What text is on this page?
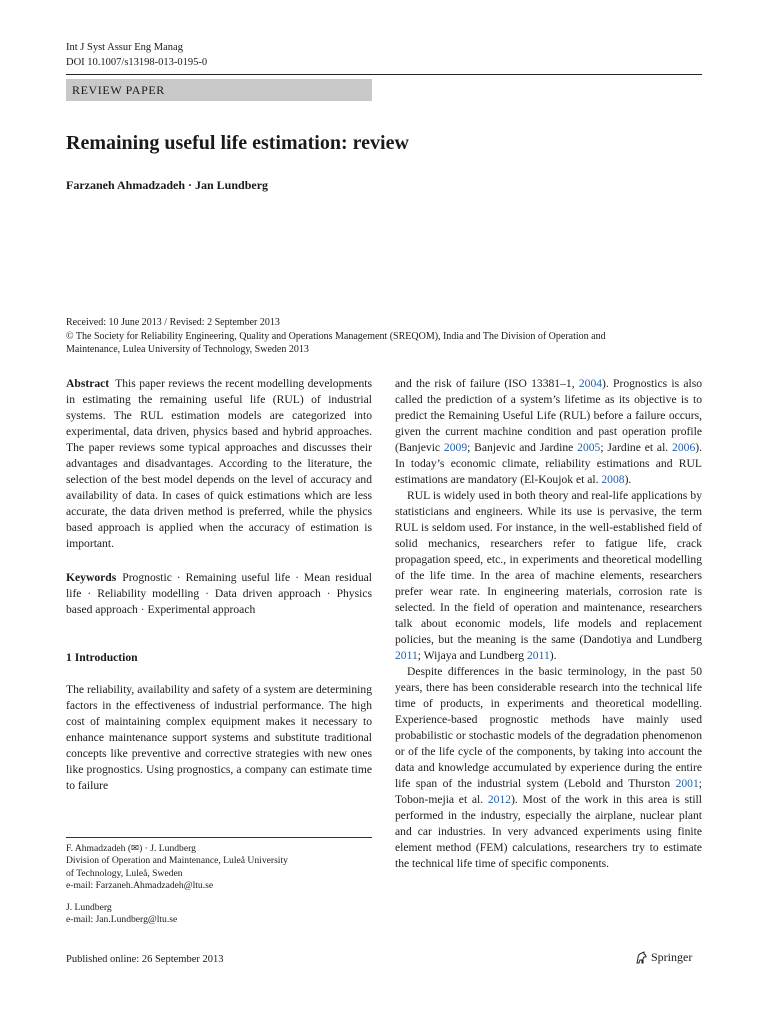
Int J Syst Assur Eng Manag
DOI 10.1007/s13198-013-0195-0
REVIEW PAPER
Remaining useful life estimation: review
Farzaneh Ahmadzadeh · Jan Lundberg
Received: 10 June 2013 / Revised: 2 September 2013
© The Society for Reliability Engineering, Quality and Operations Management (SREQOM), India and The Division of Operation and
Maintenance, Lulea University of Technology, Sweden 2013

Abstract This paper reviews the recent modelling developments in estimating the remaining useful life (RUL) of industrial systems. The RUL estimation models are categorized into experimental, data driven, physics based and hybrid approaches. The paper reviews some typical approaches and discusses their advantages and disadvantages. According to the literature, the selection of the best model depends on the level of accuracy and availability of data. In cases of quick estimations which are less accurate, the data driven method is preferred, while the physics based approach is applied when the accuracy of estimation is important.

Keywords Prognostic · Remaining useful life · Mean residual life · Reliability modelling · Data driven approach · Physics based approach · Experimental approach

1 Introduction

The reliability, availability and safety of a system are determining factors in the effectiveness of industrial performance. The high cost of maintaining complex equipment makes it necessary to enhance maintenance support systems and substitute traditional concepts like preventive and corrective strategies with new ones like prognostics. Using prognostics, a company can estimate time to failure

and the risk of failure (ISO 13381–1, 2004). Prognostics is also called the prediction of a system’s lifetime as its objective is to predict the Remaining Useful Life (RUL) before a failure occurs, given the current machine condition and past operation profile (Banjevic 2009; Banjevic and Jardine 2005; Jardine et al. 2006). In today’s economic climate, reliability estimations and RUL estimations are mandatory (El-Koujok et al. 2008).

RUL is widely used in both theory and real-life applications by statisticians and engineers. While its use is pervasive, the term RUL is seldom used. For instance, in the well-established field of solid mechanics, researchers refer to fatigue life, crack propagation speed, etc., in experiments and theoretical modelling of the life time. In the area of machine elements, researchers prefer wear rate. In engineering materials, corrosion rate is selected. In the field of operation and maintenance, researchers talk about economic models, life models and replacement policies, but the meaning is the same (Dandotiya and Lundberg 2011; Wijaya and Lundberg 2011).

Despite differences in the basic terminology, in the past 50 years, there has been considerable research into the technical life time of products, in experiments and theoretical modelling. Experience-based prognostic methods have mainly used probabilistic or stochastic models of the degradation phenomenon or of the life cycle of the components, by taking into account the data and knowledge accumulated by experience during the entire life span of the industrial system (Lebold and Thurston 2001; Tobon-mejia et al. 2012). Most of the work in this area is still performed in the industry, especially the airplane, nuclear plant and car industries. In very advanced experiments using finite element method (FEM) calculations, researchers try to estimate the technical life time of specific components.

F. Ahmadzadeh (✉) · J. Lundberg
Division of Operation and Maintenance, Luleå University
of Technology, Luleå, Sweden
e-mail: Farzaneh.Ahmadzadeh@ltu.se
J. Lundberg
e-mail: Jan.Lundberg@ltu.se
Published online: 26 September 2013	Springer
